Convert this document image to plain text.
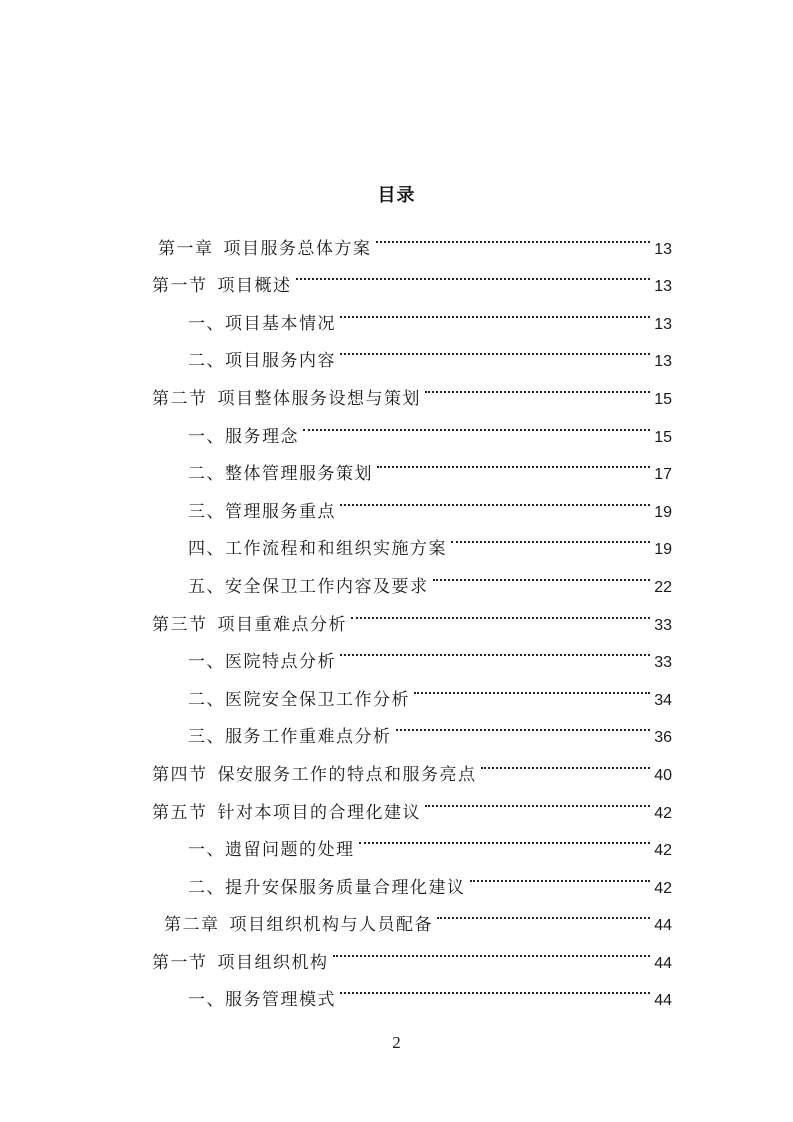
目录
第一章 项目服务总体方案	13
第一节 项目概述	13
一、项目基本情况	13
二、项目服务内容	13
第二节 项目整体服务设想与策划	15
一、服务理念	15
二、整体管理服务策划	17
三、管理服务重点	19
四、工作流程和和组织实施方案	19
五、安全保卫工作内容及要求	22
第三节 项目重难点分析	33
一、医院特点分析	33
二、医院安全保卫工作分析	34
三、服务工作重难点分析	36
第四节 保安服务工作的特点和服务亮点	40
第五节 针对本项目的合理化建议	42
一、遗留问题的处理	42
二、提升安保服务质量合理化建议	42
第二章 项目组织机构与人员配备	44
第一节 项目组织机构	44
一、服务管理模式	44
2
